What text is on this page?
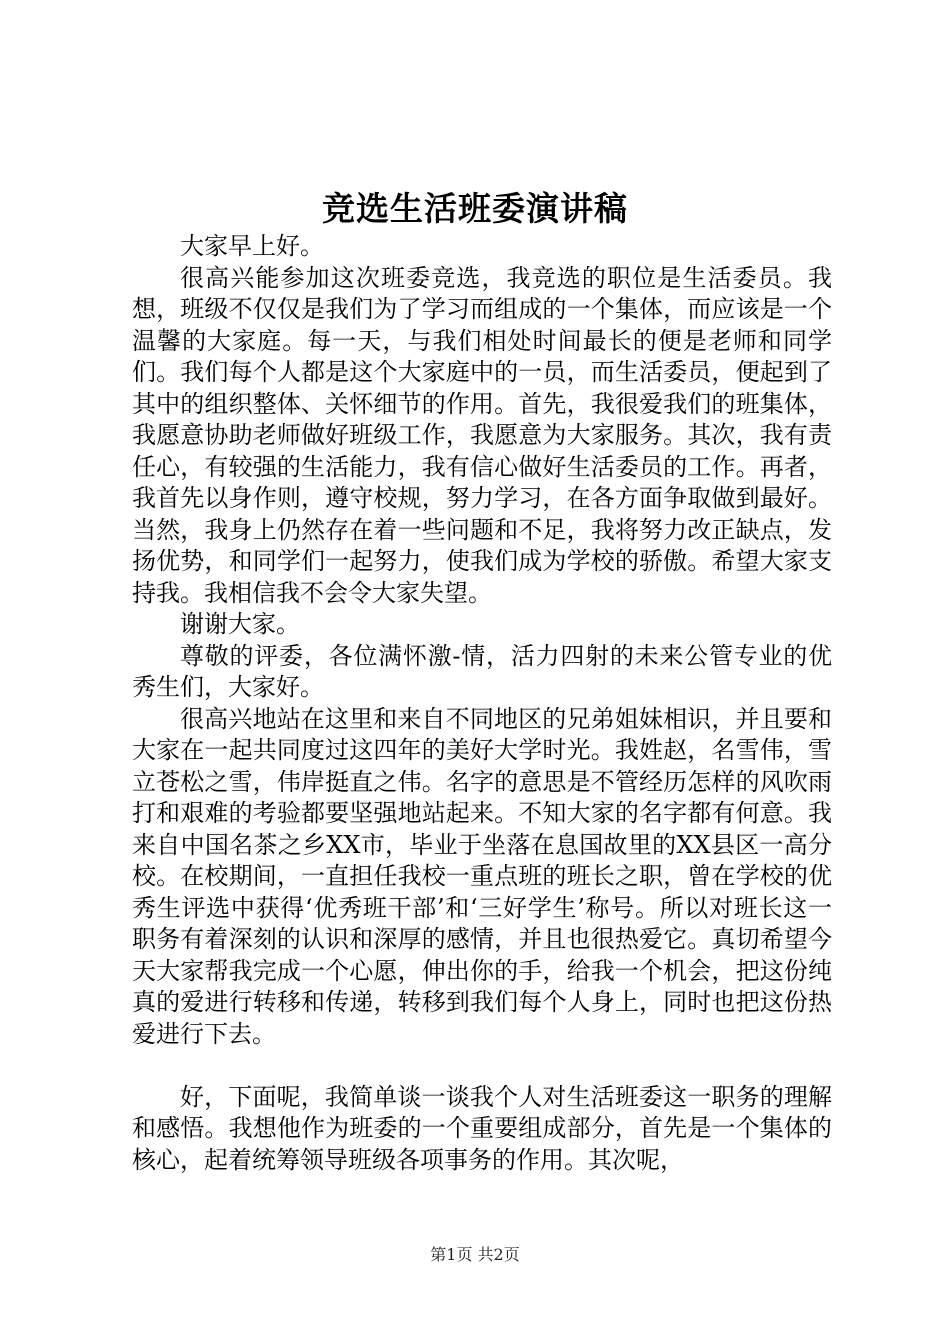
竞选生活班委演讲稿

大家早上好。

很高兴能参加这次班委竞选，我竞选的职位是生活委员。我想，班级不仅仅是我们为了学习而组成的一个集体，而应该是一个温馨的大家庭。每一天，与我们相处时间最长的便是老师和同学们。我们每个人都是这个大家庭中的一员，而生活委员，便起到了其中的组织整体、关怀细节的作用。首先，我很爱我们的班集体，我愿意协助老师做好班级工作，我愿意为大家服务。其次，我有责任心，有较强的生活能力，我有信心做好生活委员的工作。再者，我首先以身作则，遵守校规，努力学习，在各方面争取做到最好。当然，我身上仍然存在着一些问题和不足，我将努力改正缺点，发扬优势，和同学们一起努力，使我们成为学校的骄傲。希望大家支持我。我相信我不会令大家失望。

谢谢大家。

尊敬的评委，各位满怀激-情，活力四射的未来公管专业的优秀生们，大家好。

很高兴地站在这里和来自不同地区的兄弟姐妹相识，并且要和大家在一起共同度过这四年的美好大学时光。我姓赵，名雪伟，雪立苍松之雪，伟岸挺直之伟。名字的意思是不管经历怎样的风吹雨打和艰难的考验都要坚强地站起来。不知大家的名字都有何意。我来自中国名茶之乡XX市，毕业于坐落在息国故里的XX县区一高分校。在校期间，一直担任我校一重点班的班长之职，曾在学校的优秀生评选中获得‘优秀班干部’和‘三好学生’称号。所以对班长这一职务有着深刻的认识和深厚的感情，并且也很热爱它。真切希望今天大家帮我完成一个心愿，伸出你的手，给我一个机会，把这份纯真的爱进行转移和传递，转移到我们每个人身上，同时也把这份热爱进行下去。

好，下面呢，我简单谈一谈我个人对生活班委这一职务的理解和感悟。我想他作为班委的一个重要组成部分，首先是一个集体的核心，起着统筹领导班级各项事务的作用。其次呢，

第1页 共2页
